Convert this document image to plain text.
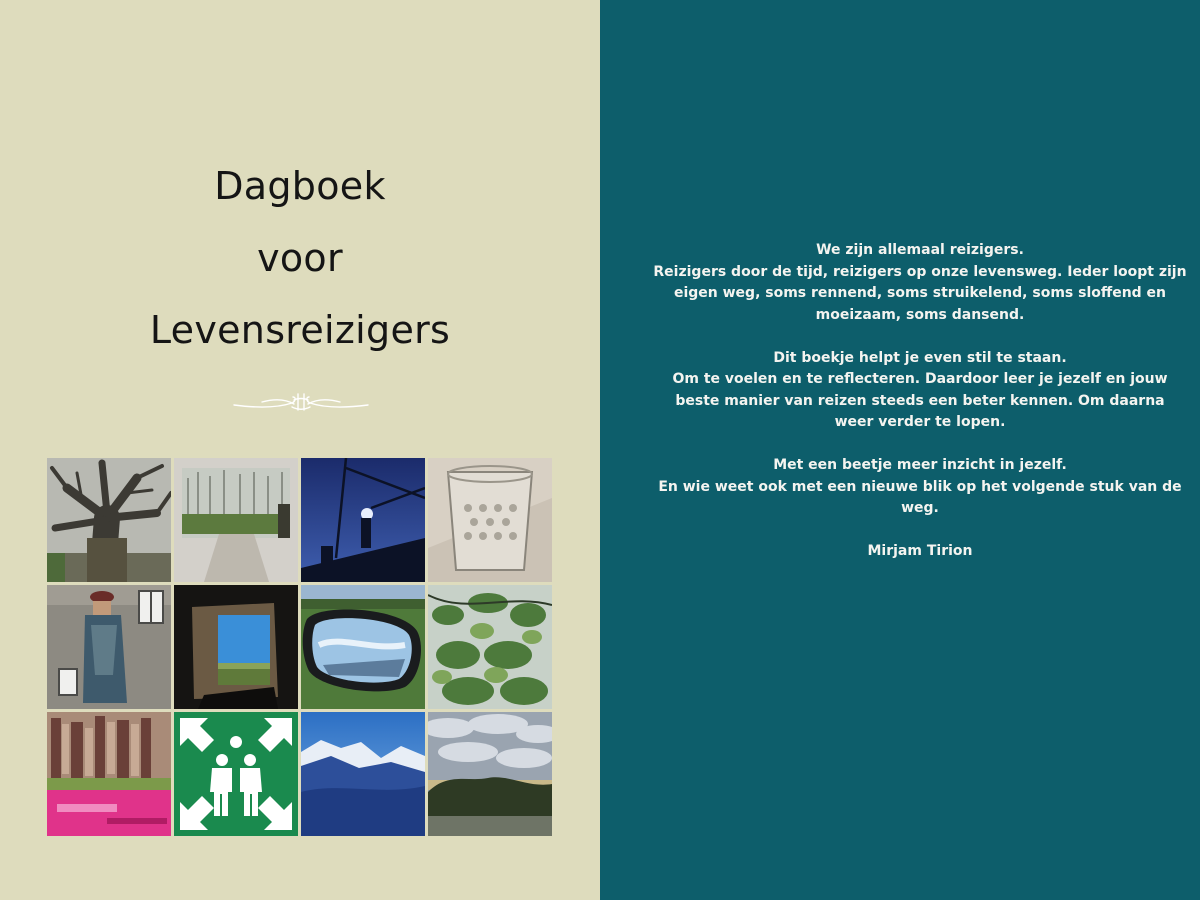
Dagboek
voor
Levensreizigers
We zijn allemaal reizigers.
Reizigers door de tijd, reizigers op onze levensweg. Ieder loopt zijn
eigen weg, soms rennend, soms struikelend, soms sloffend en
moeizaam, soms dansend.
Dit boekje helpt je even stil te staan.
Om te voelen en te reflecteren. Daardoor leer je jezelf en jouw
beste manier van reizen steeds een beter kennen. Om daarna
weer verder te lopen.
Met een beetje meer inzicht in jezelf.
En wie weet ook met een nieuwe blik op het volgende stuk van de
weg.
Mirjam Tirion
